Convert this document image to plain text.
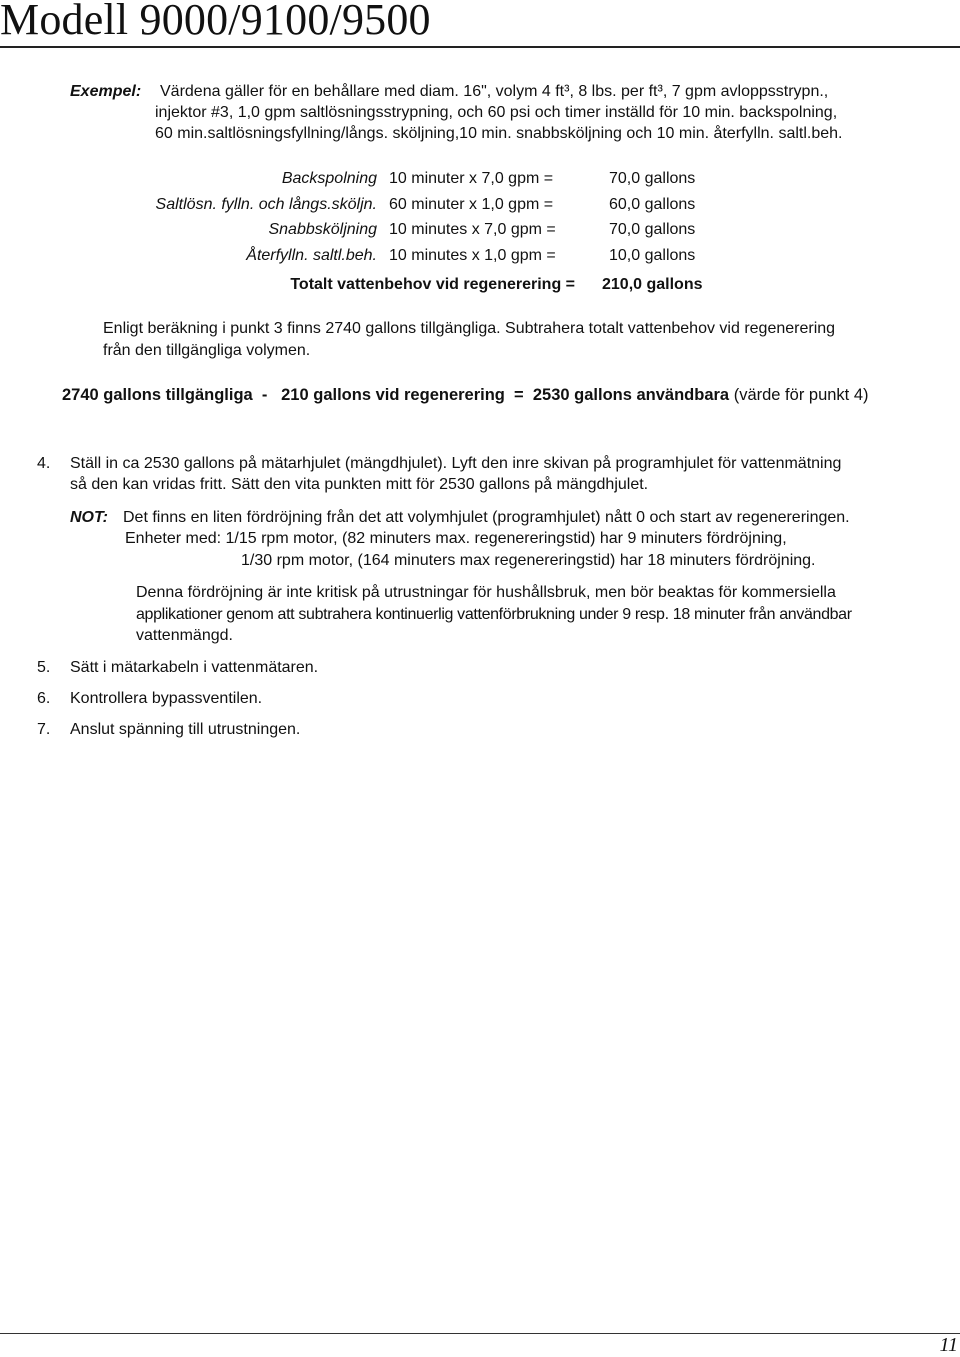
Modell 9000/9100/9500
Exempel: Värdena gäller för en behållare med diam. 16", volym 4 ft³, 8 lbs. per ft³, 7 gpm avloppsstrypn.,
injektor #3, 1,0 gpm saltlösningsstrypning, och 60 psi och timer inställd för 10 min. backspolning,
60 min.saltlösningsfyllning/långs. sköljning,10 min. snabbsköljning och 10 min. återfylln. saltl.beh.
Backspolning 10 minuter x 7,0 gpm =	70,0 gallons
Saltlösn. fylln. och långs.sköljn. 60 minuter x 1,0 gpm =	60,0 gallons
Snabbsköljning 10 minutes x 7,0 gpm =	70,0 gallons
Återfylln. saltl.beh. 10 minutes x 1,0 gpm =	10,0 gallons
Totalt vattenbehov vid regenerering = 210,0 gallons
Enligt beräkning i punkt 3 finns 2740 gallons tillgängliga. Subtrahera totalt vattenbehov vid regenerering
från den tillgängliga volymen.
2740 gallons tillgängliga  -   210 gallons vid regenerering  =  2530 gallons användbara (värde för punkt 4)
4. Ställ in ca 2530 gallons på mätarhjulet (mängdhjulet). Lyft den inre skivan på programhjulet för vattenmätning
så den kan vridas fritt. Sätt den vita punkten mitt för 2530 gallons på mängdhjulet.
NOT: Det finns en liten fördröjning från det att volymhjulet (programhjulet) nått 0 och start av regenereringen.
Enheter med: 1/15 rpm motor, (82 minuters max. regenereringstid) har 9 minuters fördröjning,
1/30 rpm motor, (164 minuters max regenereringstid) har 18 minuters fördröjning.
Denna fördröjning är inte kritisk på utrustningar för hushållsbruk, men bör beaktas för kommersiella
applikationer genom att subtrahera kontinuerlig vattenförbrukning under 9 resp. 18 minuter från användbar
vattenmängd.
5. Sätt i mätarkabeln i vattenmätaren.
6. Kontrollera bypassventilen.
7. Anslut spänning till utrustningen.
11
